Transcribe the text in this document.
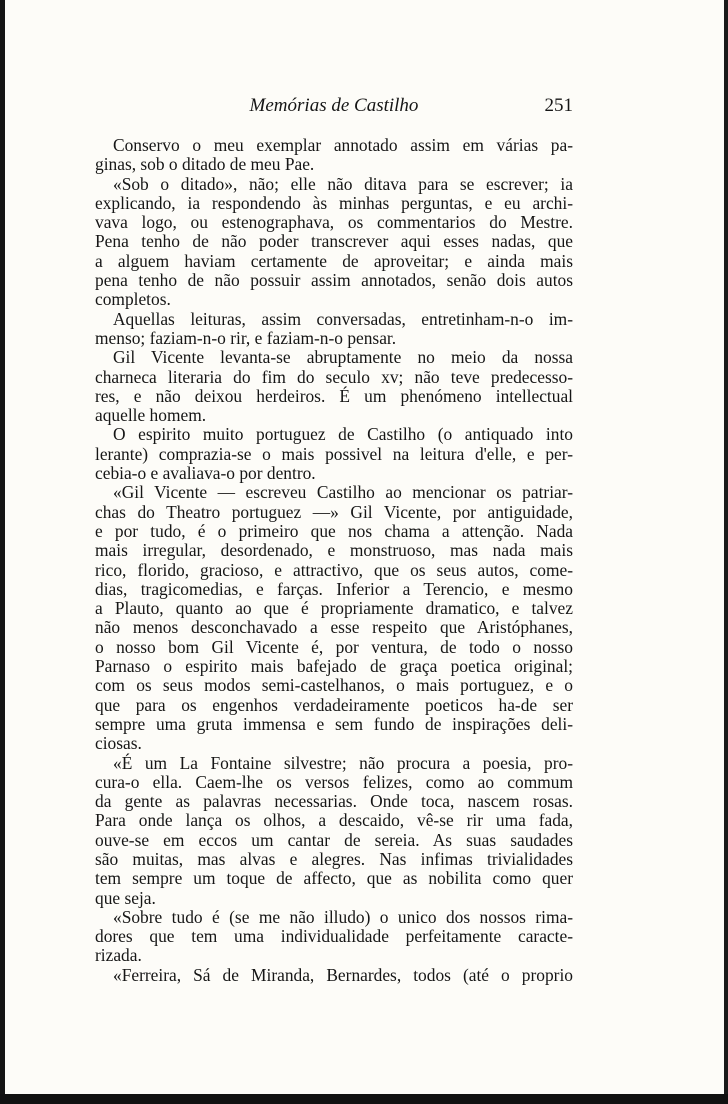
Memórias de Castilho	251
Conservo o meu exemplar annotado assim em várias pa-
ginas, sob o ditado de meu Pae.
«Sob o ditado», não; elle não ditava para se escrever; ia
explicando, ia respondendo às minhas perguntas, e eu archi-
vava logo, ou estenographava, os commentarios do Mestre.
Pena tenho de não poder transcrever aqui esses nadas, que
a alguem haviam certamente de aproveitar; e ainda mais
pena tenho de não possuir assim annotados, senão dois autos
completos.
Aquellas leituras, assim conversadas, entretinham-n-o im-
menso; faziam-n-o rir, e faziam-n-o pensar.
Gil Vicente levanta-se abruptamente no meio da nossa
charneca literaria do fim do seculo xv; não teve predecesso-
res, e não deixou herdeiros. É um phenómeno intellectual
aquelle homem.
O espirito muito portuguez de Castilho (o antiquado into
lerante) comprazia-se o mais possivel na leitura d'elle, e per-
cebia-o e avaliava-o por dentro.
«Gil Vicente — escreveu Castilho ao mencionar os patriar-
chas do Theatro portuguez —» Gil Vicente, por antiguidade,
e por tudo, é o primeiro que nos chama a attenção. Nada
mais irregular, desordenado, e monstruoso, mas nada mais
rico, florido, gracioso, e attractivo, que os seus autos, come-
dias, tragicomedias, e farças. Inferior a Terencio, e mesmo
a Plauto, quanto ao que é propriamente dramatico, e talvez
não menos desconchavado a esse respeito que Aristóphanes,
o nosso bom Gil Vicente é, por ventura, de todo o nosso
Parnaso o espirito mais bafejado de graça poetica original;
com os seus modos semi-castelhanos, o mais portuguez, e o
que para os engenhos verdadeiramente poeticos ha-de ser
sempre uma gruta immensa e sem fundo de inspirações deli-
ciosas.
«É um La Fontaine silvestre; não procura a poesia, pro-
cura-o ella. Caem-lhe os versos felizes, como ao commum
da gente as palavras necessarias. Onde toca, nascem rosas.
Para onde lança os olhos, a descaido, vê-se rir uma fada,
ouve-se em eccos um cantar de sereia. As suas saudades
são muitas, mas alvas e alegres. Nas infimas trivialidades
tem sempre um toque de affecto, que as nobilita como quer
que seja.
«Sobre tudo é (se me não illudo) o unico dos nossos rima-
dores que tem uma individualidade perfeitamente caracte-
rizada.
«Ferreira, Sá de Miranda, Bernardes, todos (até o proprio
